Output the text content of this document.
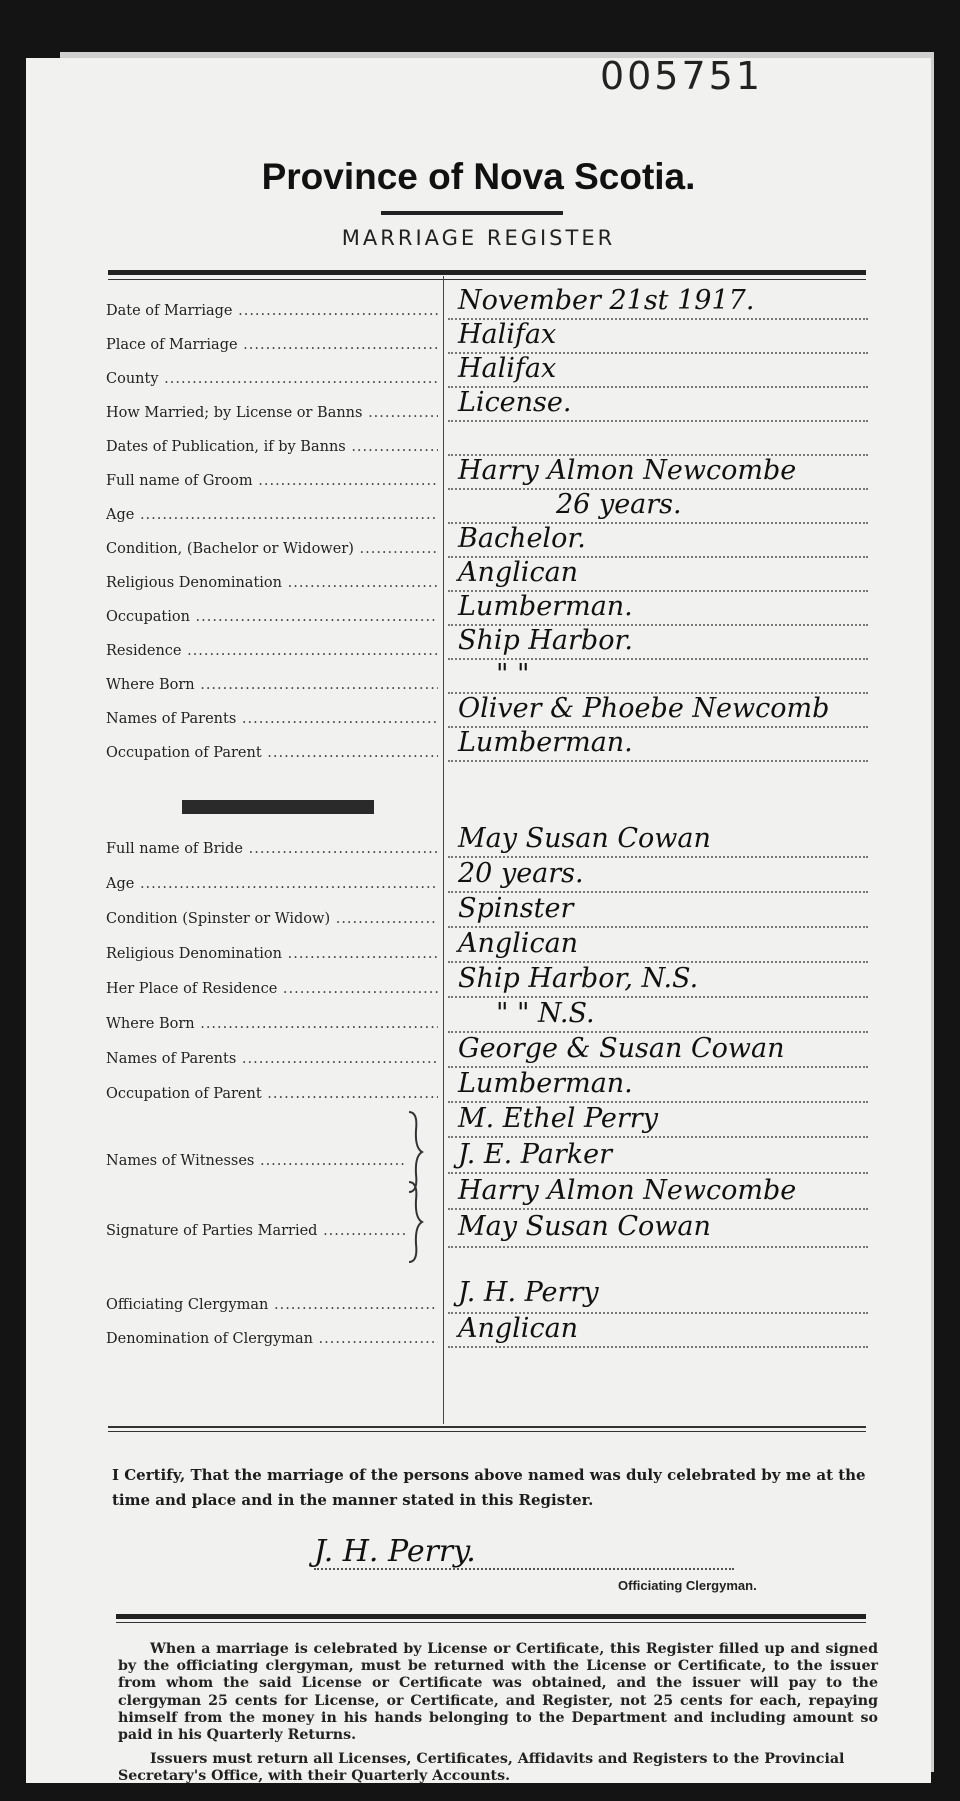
005751
Province of Nova Scotia.
MARRIAGE REGISTER
Date of Marriage .....	November 21st 1917.
Place of Marriage .....	Halifax
County .....	Halifax
How Married; by License or Banns .....	License.
Dates of Publication, if by Banns .....
Full name of Groom .....	Harry Almon Newcombe
Age .....	26 years.
Condition, (Bachelor or Widower) .....	Bachelor.
Religious Denomination .....	Anglican
Occupation .....	Lumberman.
Residence .....	Ship Harbor.
Where Born .....	" "
Names of Parents .....	Oliver & Phoebe Newcomb
Occupation of Parent .....	Lumberman.
Full name of Bride .....	May Susan Cowan
Age .....	20 years.
Condition (Spinster or Widow) .....	Spinster
Religious Denomination .....	Anglican
Her Place of Residence .....	Ship Harbor, N.S.
Where Born .....	" " N.S.
Names of Parents .....	George & Susan Cowan
Occupation of Parent .....	Lumberman.
Names of Witnesses .....
M. Ethel Perry
J. E. Parker
Signature of Parties Married .....
Harry Almon Newcombe
May Susan Cowan
Officiating Clergyman .....	J. H. Perry
Denomination of Clergyman .....	Anglican
I Certify, That the marriage of the persons above named was duly celebrated by me at the time and place and in the manner stated in this Register.
J. H. Perry.
Officiating Clergyman.
When a marriage is celebrated by License or Certificate, this Register filled up and signed by the officiating clergyman, must be returned with the License or Certificate, to the issuer from whom the said License or Certificate was obtained, and the issuer will pay to the clergyman 25 cents for License, or Certificate, and Register, not 25 cents for each, repaying himself from the money in his hands belonging to the Department and including amount so paid in his Quarterly Returns.
Issuers must return all Licenses, Certificates, Affidavits and Registers to the Provincial Secretary's Office, with their Quarterly Accounts.
